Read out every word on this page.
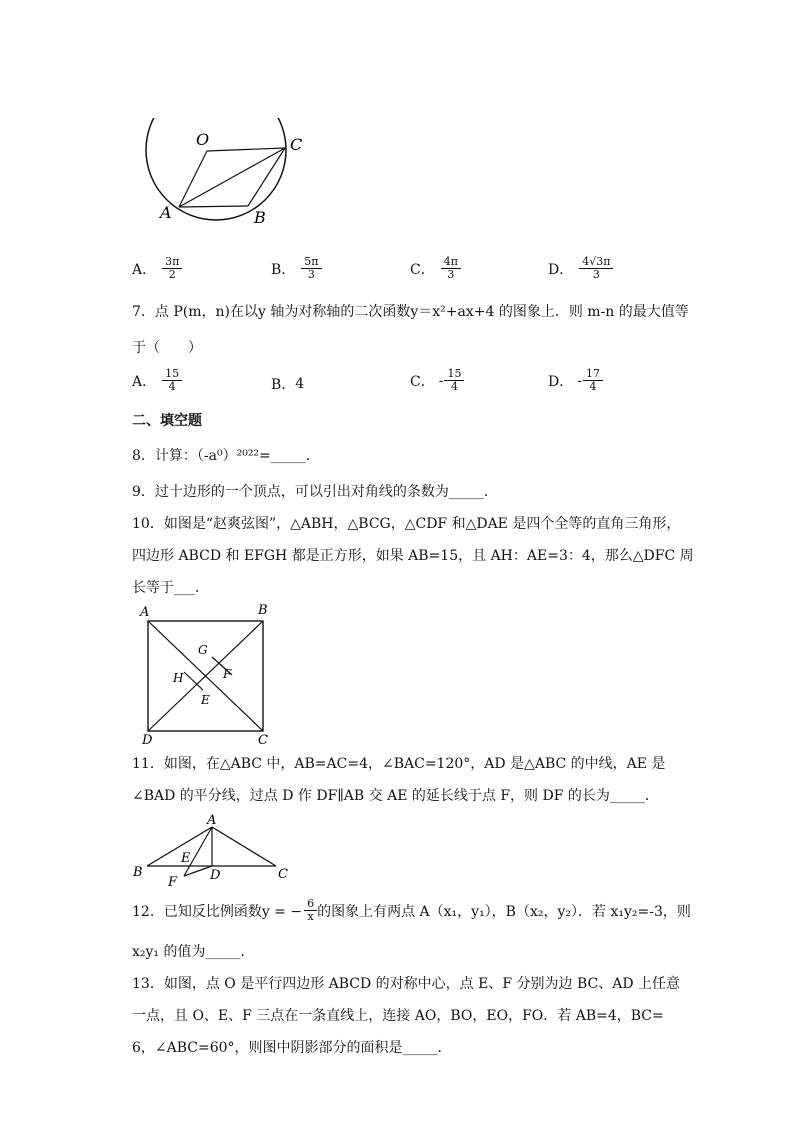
O	C
A	B
A． $\frac{3\pi}{2}$	B． $\frac{5\pi}{3}$	C． $\frac{4\pi}{3}$	D． $\frac{4√3\pi}{3}$
7．点 P(m，n)在以y 轴为对称轴的二次函数y＝x²+ax+4 的图象上．则 m-n 的最大值等
于（　　）
A． $\frac{15}{4}$	B． 4	C． - $\frac{15}{4}$	D． - $\frac{17}{4}$
二、填空题
8．计算：（-a⁰）²⁰²²=_____．
9．过十边形的一个顶点，可以引出对角线的条数为_____．
10．如图是“赵爽弦图”，△ABH，△BCG，△CDF 和△DAE 是四个全等的直角三角形，
四边形 ABCD 和 EFGH 都是正方形，如果 AB=15，且 AH：AE=3：4，那么△DFC 周
长等于___．
A	B
D	C
G
H	F
E
11．如图，在△ABC 中，AB=AC=4，∠BAC=120°，AD 是△ABC 的中线，AE 是
∠BAD 的平分线，过点 D 作 DF∥AB 交 AE 的延长线于点 F，则 DF 的长为_____．
A
B	C
D
E
F
12．已知反比例函数y = − $\frac{6}{x}$ 的图象上有两点 A（x₁，y₁），B（x₂，y₂）．若 x₁y₂=-3，则
x₂y₁ 的值为_____．
13．如图，点 O 是平行四边形 ABCD 的对称中心，点 E、F 分别为边 BC、AD 上任意
一点，且 O、E、F 三点在一条直线上，连接 AO，BO，EO，FO．若 AB=4，BC=
6，∠ABC=60°，则图中阴影部分的面积是_____．
